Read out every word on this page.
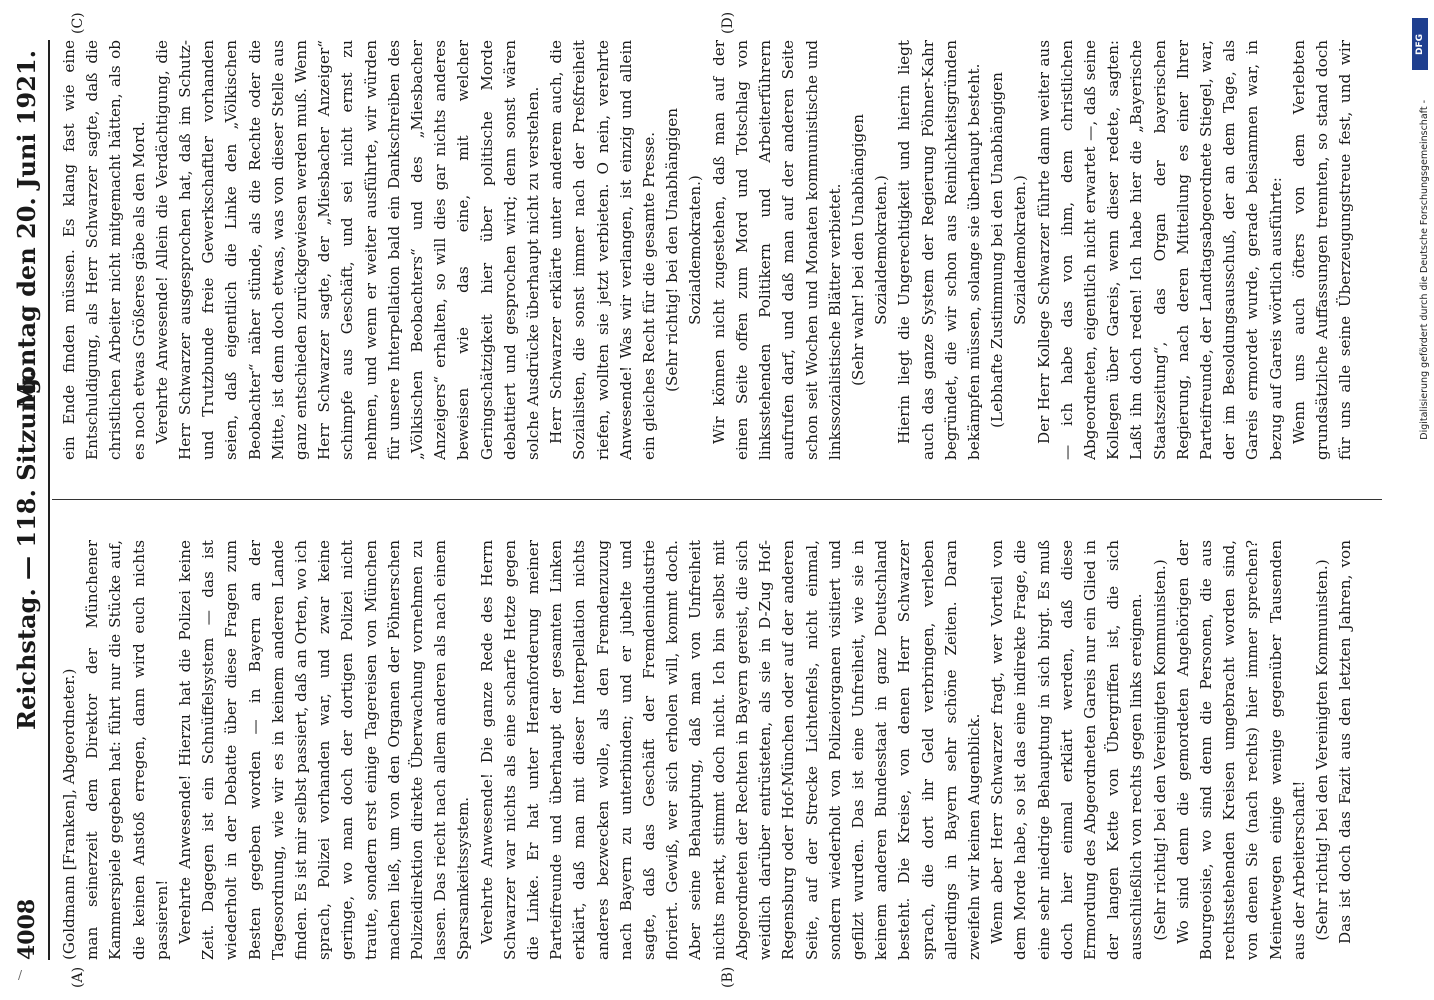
4008
Reichstag. — 118. Sitzung.
Montag den 20. Juni 1921.
(A)	(B)
(C)	(D)

(Goldmann [Franken], Abgeordneter.) man seinerzeit dem Direktor der Münchener Kammerspiele gegeben hat: führt nur die Stücke auf, die keinen Anstoß erregen, dann wird euch nichts passieren! Verehrte Anwesende! Hierzu hat die Polizei keine Zeit. Dagegen ist ein Schnüffelsystem — das ist wiederholt in der Debatte über diese Fragen zum Besten gegeben worden — in Bayern an der Tagesordnung, wie wir es in keinem anderen Lande finden. Es ist mir selbst passiert, daß an Orten, wo ich sprach, Polizei vorhanden war, und zwar keine geringe, wo man doch der dortigen Polizei nicht traute, sondern erst einige Tagereisen von München machen ließ, um von den Organen der Pöhnerschen Polizeidirektion direkte Überwachung vornehmen zu lassen. Das riecht nach allem anderen als nach einem Sparsamkeitssystem. Verehrte Anwesende! Die ganze Rede des Herrn Schwarzer war nichts als eine scharfe Hetze gegen die Linke. Er hat unter Heranforderung meiner Parteifreunde und überhaupt der gesamten Linken erklärt, daß man mit dieser Interpellation nichts anderes bezwecken wolle, als den Fremdenzuzug nach Bayern zu unterbinden; und er jubelte und sagte, daß das Geschäft der Fremdenindustrie floriert. Gewiß, wer sich erholen will, kommt doch. Aber seine Behauptung, daß man von Unfreiheit nichts merkt, stimmt doch nicht. Ich bin selbst mit Abgeordneten der Rechten in Bayern gereist, die sich weidlich darüber entrüsteten, als sie in D-Zug Hof-Regensburg oder Hof-München oder auf der anderen Seite, auf der Strecke Lichtenfels, nicht einmal, sondern wiederholt von Polizeiorganen visitiert und gefilzt wurden. Das ist eine Unfreiheit, wie sie in keinem anderen Bundesstaat in ganz Deutschland besteht. Die Kreise, von denen Herr Schwarzer sprach, die dort ihr Geld verbringen, verleben allerdings in Bayern sehr schöne Zeiten. Daran zweifeln wir keinen Augenblick. Wenn aber Herr Schwarzer fragt, wer Vorteil von dem Morde habe, so ist das eine indirekte Frage, die eine sehr niedrige Behauptung in sich birgt. Es muß doch hier einmal erklärt werden, daß diese Ermordung des Abgeordneten Gareis nur ein Glied in der langen Kette von Übergriffen ist, die sich ausschließlich von rechts gegen links ereignen. (Sehr richtig! bei den Vereinigten Kommunisten.) Wo sind denn die gemordeten Angehörigen der Bourgeoisie, wo sind denn die Personen, die aus rechtsstehenden Kreisen umgebracht worden sind, von denen Sie (nach rechts) hier immer sprechen? Meinetwegen einige wenige gegenüber Tausenden aus der Arbeiterschaft! (Sehr richtig! bei den Vereinigten Kommunisten.) Das ist doch das Fazit aus den letzten Jahren, von

ein Ende finden müssen. Es klang fast wie eine Entschuldigung, als Herr Schwarzer sagte, daß die christlichen Arbeiter nicht mitgemacht hätten, als ob es noch etwas Größeres gäbe als den Mord. Verehrte Anwesende! Allein die Verdächtigung, die Herr Schwarzer ausgesprochen hat, daß im Schutz- und Trutzbunde freie Gewerkschaftler vorhanden seien, daß eigentlich die Linke den „Völkischen Beobachter“ näher stünde, als die Rechte oder die Mitte, ist denn doch etwas, was von dieser Stelle aus ganz entschieden zurückgewiesen werden muß. Wenn Herr Schwarzer sagte, der „Miesbacher Anzeiger“ schimpfe aus Geschäft, und sei nicht ernst zu nehmen, und wenn er weiter ausführte, wir würden für unsere Interpellation bald ein Dankschreiben des „Völkischen Beobachters“ und des „Miesbacher Anzeigers“ erhalten, so will dies gar nichts anderes beweisen wie das eine, mit welcher Geringschätzigkeit hier über politische Morde debattiert und gesprochen wird; denn sonst wären solche Ausdrücke überhaupt nicht zu verstehen. Herr Schwarzer erklärte unter anderem auch, die Sozialisten, die sonst immer nach der Preßfreiheit riefen, wollten sie jetzt verbieten. O nein, verehrte Anwesende! Was wir verlangen, ist einzig und allein ein gleiches Recht für die gesamte Presse. (Sehr richtig! bei den Unabhängigen Sozialdemokraten.) Wir können nicht zugestehen, daß man auf der einen Seite offen zum Mord und Totschlag von linksstehenden Politikern und Arbeiterführern aufrufen darf, und daß man auf der anderen Seite schon seit Wochen und Monaten kommunistische und linkssozialistische Blätter verbietet. (Sehr wahr! bei den Unabhängigen Sozialdemokraten.) Hierin liegt die Ungerechtigkeit und hierin liegt auch das ganze System der Regierung Pöhner-Kahr begründet, die wir schon aus Reinlichkeitsgründen bekämpfen müssen, solange sie überhaupt besteht. (Lebhafte Zustimmung bei den Unabhängigen Sozialdemokraten.) Der Herr Kollege Schwarzer führte dann weiter aus — ich habe das von ihm, dem christlichen Abgeordneten, eigentlich nicht erwartet —, daß seine Kollegen über Gareis, wenn dieser redete, sagten: Laßt ihn doch reden! Ich habe hier die „Bayerische Staatszeitung“, das Organ der bayerischen Regierung, nach deren Mitteilung es einer Ihrer Parteifreunde, der Landtagsabgeordnete Stiegel, war, der im Besoldungsausschuß, der an dem Tage, als Gareis ermordet wurde, gerade beisammen war, in bezug auf Gareis wörtlich ausführte: Wenn uns auch öfters von dem Verlebten grundsätzliche Auffassungen trennten, so stand doch für uns alle seine Überzeugungstreue fest, und wir	DFG
Digitalisierung gefördert durch die Deutsche Forschungsgemeinschaft -
/
